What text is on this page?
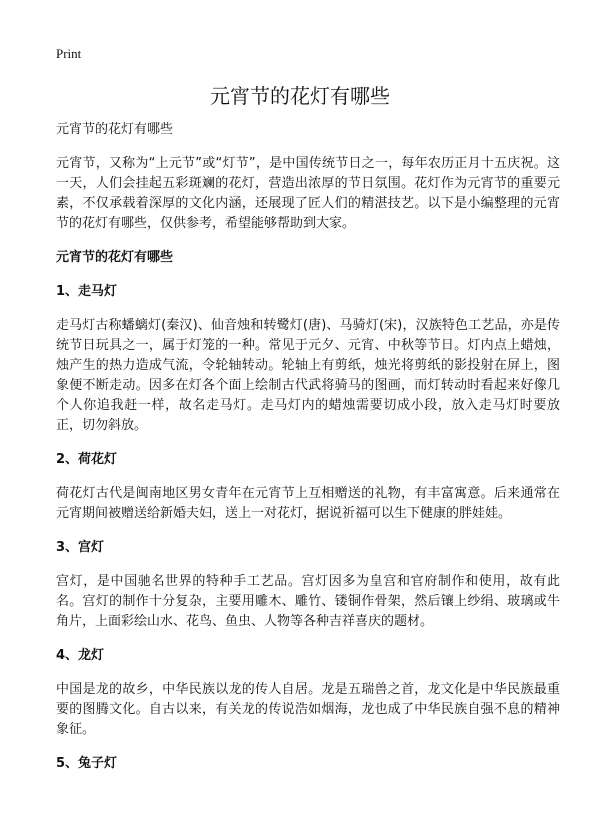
Print
元宵节的花灯有哪些

元宵节的花灯有哪些

元宵节，又称为“上元节”或“灯节”，是中国传统节日之一，每年农历正月十五庆祝。这一天，人们会挂起五彩斑斓的花灯，营造出浓厚的节日氛围。花灯作为元宵节的重要元素，不仅承载着深厚的文化内涵，还展现了匠人们的精湛技艺。以下是小编整理的元宵节的花灯有哪些，仅供参考，希望能够帮助到大家。

元宵节的花灯有哪些

1、走马灯

走马灯古称蟠螭灯(秦汉)、仙音烛和转鹭灯(唐)、马骑灯(宋)，汉族特色工艺品，亦是传统节日玩具之一，属于灯笼的一种。常见于元夕、元宵、中秋等节日。灯内点上蜡烛，烛产生的热力造成气流，令轮轴转动。轮轴上有剪纸，烛光将剪纸的影投射在屏上，图象便不断走动。因多在灯各个面上绘制古代武将骑马的图画，而灯转动时看起来好像几个人你追我赶一样，故名走马灯。走马灯内的蜡烛需要切成小段，放入走马灯时要放正，切勿斜放。

2、荷花灯

荷花灯古代是闽南地区男女青年在元宵节上互相赠送的礼物，有丰富寓意。后来通常在元宵期间被赠送给新婚夫妇，送上一对花灯，据说祈福可以生下健康的胖娃娃。

3、宫灯

宫灯，是中国驰名世界的特种手工艺品。宫灯因多为皇宫和官府制作和使用，故有此名。宫灯的制作十分复杂，主要用雕木、雕竹、镂铜作骨架，然后镶上纱绢、玻璃或牛角片，上面彩绘山水、花鸟、鱼虫、人物等各种吉祥喜庆的题材。

4、龙灯

中国是龙的故乡，中华民族以龙的传人自居。龙是五瑞兽之首，龙文化是中华民族最重要的图腾文化。自古以来，有关龙的传说浩如烟海，龙也成了中华民族自强不息的精神象征。

5、兔子灯
